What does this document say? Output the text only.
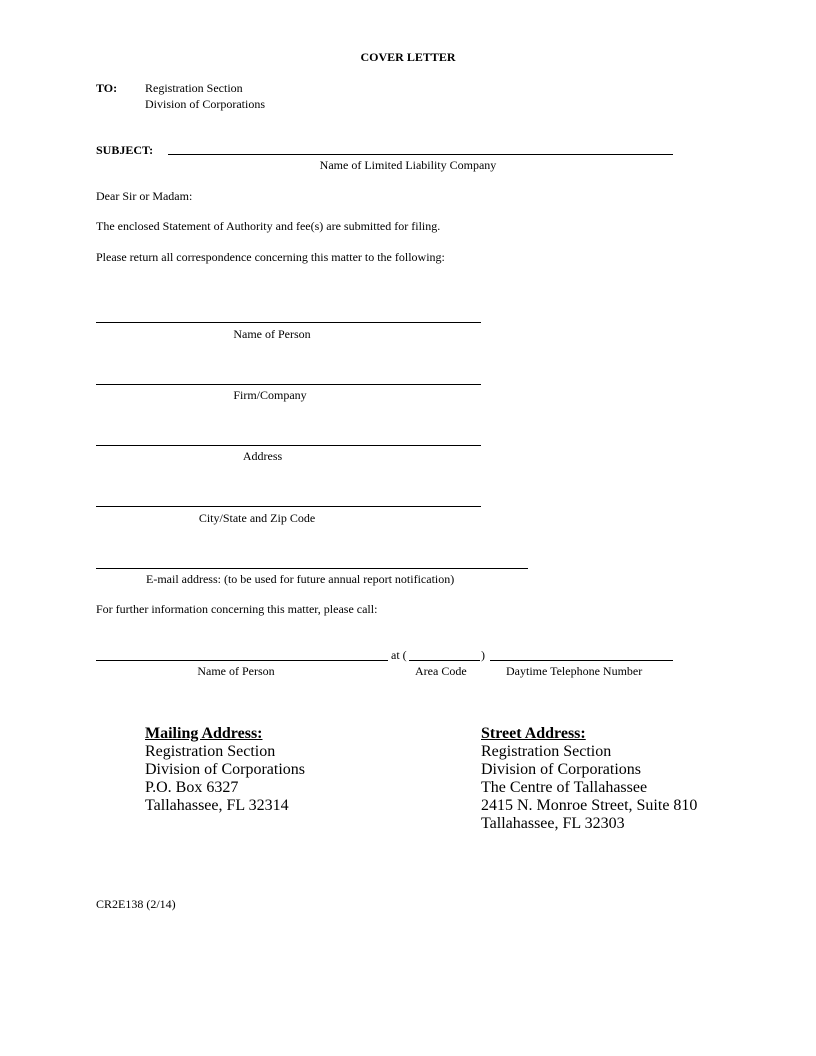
COVER LETTER
TO: Registration Section
Division of Corporations
SUBJECT:
Name of Limited Liability Company
Dear Sir or Madam:
The enclosed Statement of Authority and fee(s) are submitted for filing.
Please return all correspondence concerning this matter to the following:
Name of Person
Firm/Company
Address
City/State and Zip Code
E-mail address: (to be used for future annual report notification)
For further information concerning this matter, please call:
at (	)
Name of Person	Area Code	Daytime Telephone Number
Mailing Address:
Registration Section
Division of Corporations
P.O. Box 6327
Tallahassee, FL 32314
Street Address:
Registration Section
Division of Corporations
The Centre of Tallahassee
2415 N. Monroe Street, Suite 810
Tallahassee, FL 32303
CR2E138 (2/14)
